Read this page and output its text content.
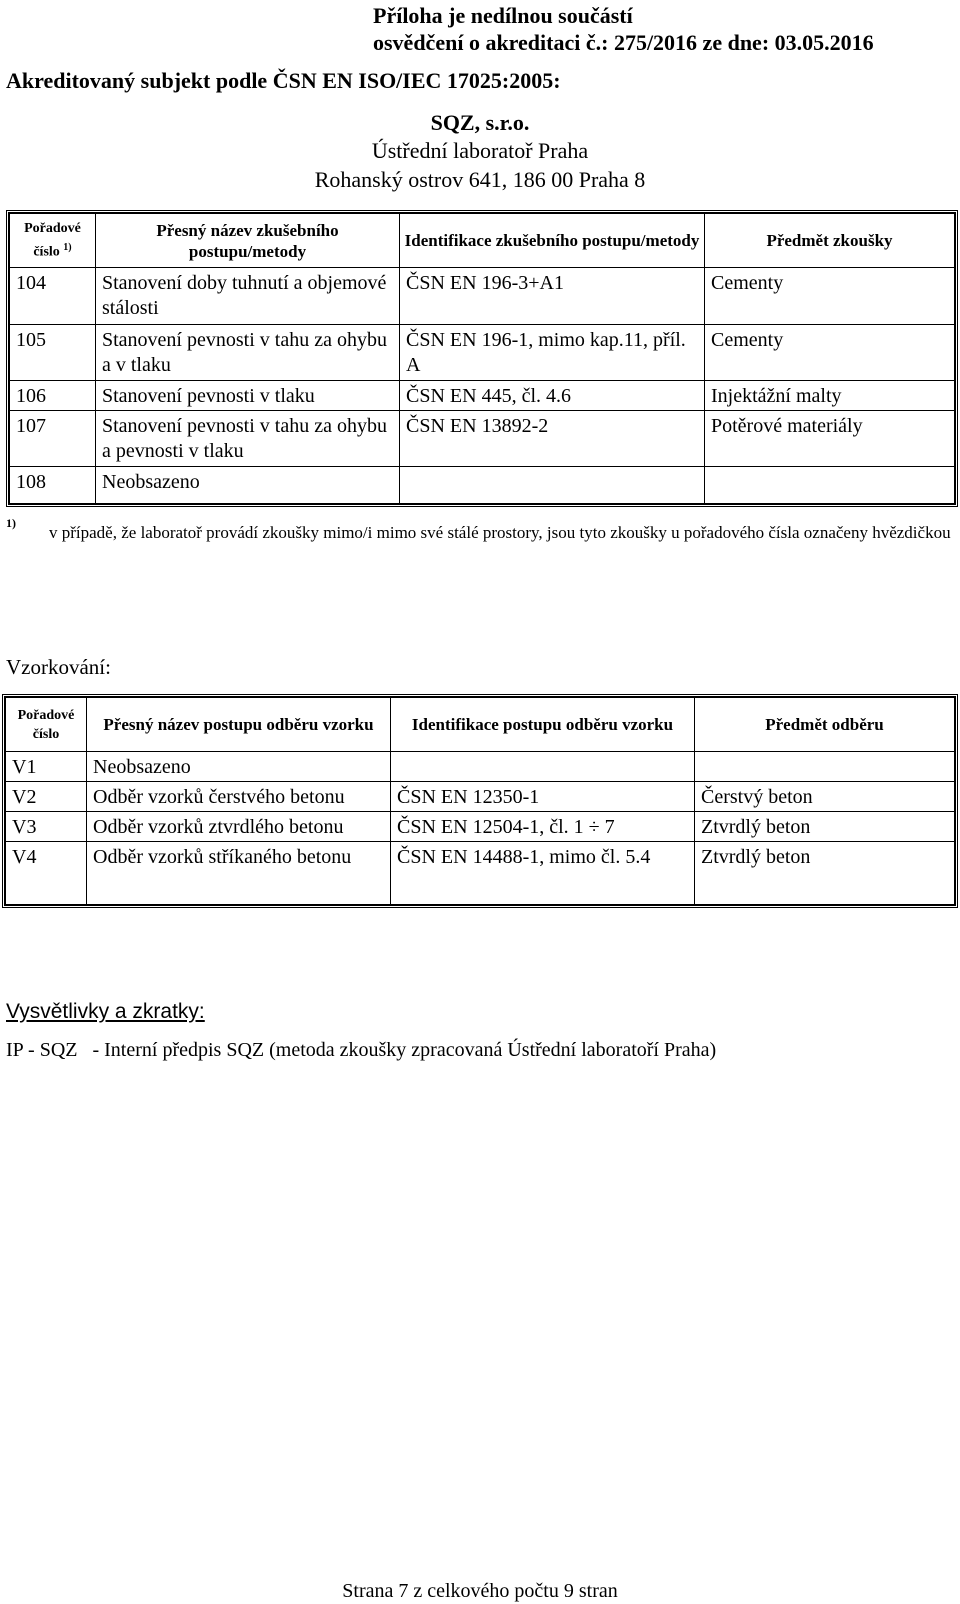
Příloha je nedílnou součástí
osvědčení o akreditaci č.: 275/2016 ze dne: 03.05.2016
Akreditovaný subjekt podle ČSN EN ISO/IEC 17025:2005:
SQZ, s.r.o.
Ústřední laboratoř Praha
Rohanský ostrov 641, 186 00 Praha 8
Pořadové číslo $^{1)}$	Přesný název zkušebního postupu/metody	Identifikace zkušebního postupu/metody	Předmět zkoušky
104	Stanovení doby tuhnutí a objemové stálosti	ČSN EN 196-3+A1	Cementy
105	Stanovení pevnosti v tahu za ohybu a v tlaku	ČSN EN 196-1, mimo kap.11, příl. A	Cementy
106	Stanovení pevnosti v tlaku	ČSN EN 445, čl. 4.6	Injektážní malty
107	Stanovení pevnosti v tahu za ohybu a pevnosti v tlaku	ČSN EN 13892-2	Potěrové materiály
108	Neobsazeno		
1) v případě, že laboratoř provádí zkoušky mimo/i mimo své stálé prostory, jsou tyto zkoušky u pořadového čísla označeny hvězdičkou
Vzorkování:
Pořadové číslo	Přesný název postupu odběru vzorku	Identifikace postupu odběru vzorku	Předmět odběru
V1	Neobsazeno		
V2	Odběr vzorků čerstvého betonu	ČSN EN 12350-1	Čerstvý beton
V3	Odběr vzorků ztvrdlého betonu	ČSN EN 12504-1, čl. 1 ÷ 7	Ztvrdlý beton
V4	Odběr vzorků stříkaného betonu	ČSN EN 14488-1, mimo čl. 5.4	Ztvrdlý beton
Vysvětlivky a zkratky:
IP - SQZ - Interní předpis SQZ (metoda zkoušky zpracovaná Ústřední laboratoří Praha)
Strana 7 z celkového počtu 9 stran
